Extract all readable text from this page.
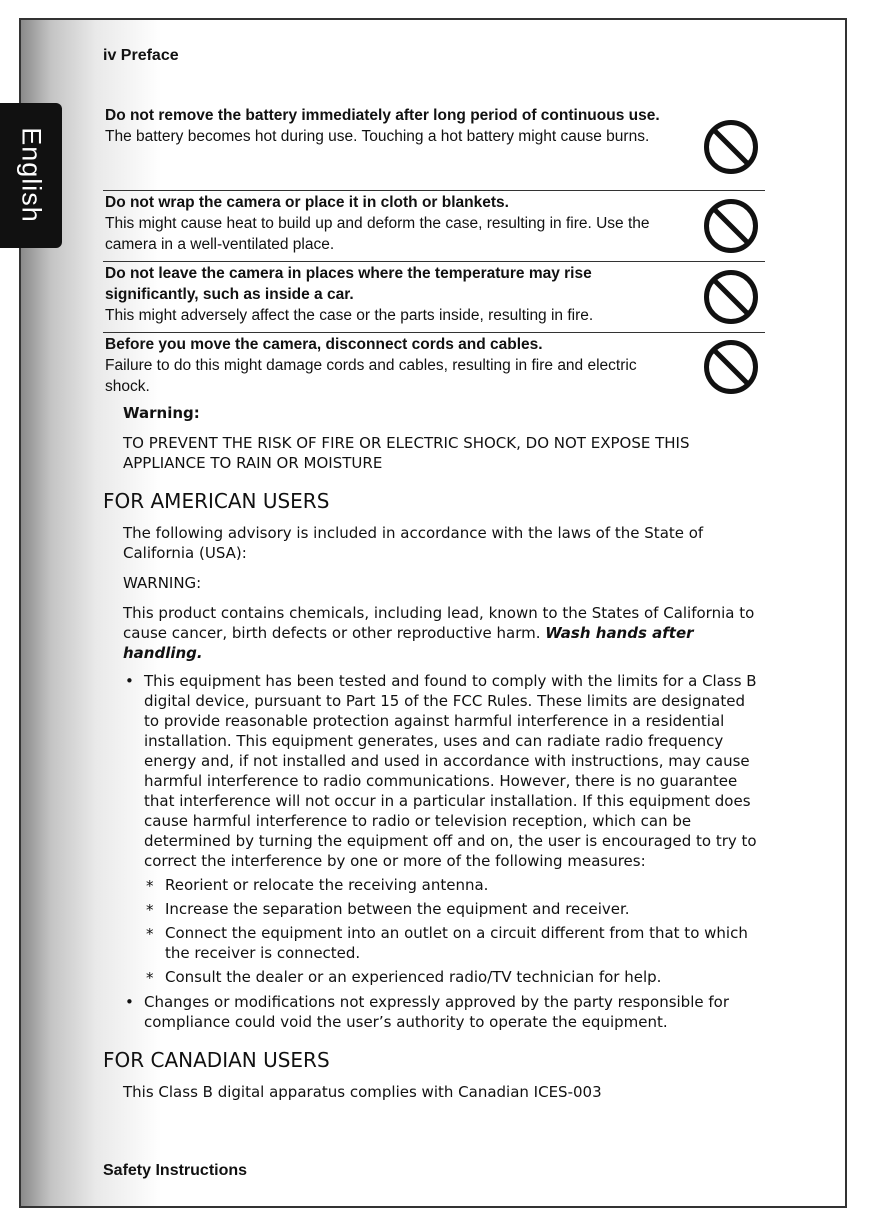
English
iv Preface
Do not remove the battery immediately after long period of continuous use.
The battery becomes hot during use. Touching a hot battery might cause burns.
Do not wrap the camera or place it in cloth or blankets.
This might cause heat to build up and deform the case, resulting in fire. Use the camera in a well-ventilated place.
Do not leave the camera in places where the temperature may rise significantly, such as inside a car.
This might adversely affect the case or the parts inside, resulting in fire.
Before you move the camera, disconnect cords and cables.
Failure to do this might damage cords and cables, resulting in fire and electric shock.
Warning:
TO PREVENT THE RISK OF FIRE OR ELECTRIC SHOCK, DO NOT EXPOSE THIS APPLIANCE TO RAIN OR MOISTURE
FOR AMERICAN USERS
The following advisory is included in accordance with the laws of the State of California (USA):
WARNING:
This product contains chemicals, including lead, known to the States of California to cause cancer, birth defects or other reproductive harm. Wash hands after handling.
• This equipment has been tested and found to comply with the limits for a Class B digital device, pursuant to Part 15 of the FCC Rules. These limits are designated to provide reasonable protection against harmful interference in a residential installation. This equipment generates, uses and can radiate radio frequency energy and, if not installed and used in accordance with instructions, may cause harmful interference to radio communications. However, there is no guarantee that interference will not occur in a particular installation. If this equipment does cause harmful interference to radio or television reception, which can be determined by turning the equipment off and on, the user is encouraged to try to correct the interference by one or more of the following measures:
* Reorient or relocate the receiving antenna.
* Increase the separation between the equipment and receiver.
* Connect the equipment into an outlet on a circuit different from that to which the receiver is connected.
* Consult the dealer or an experienced radio/TV technician for help.
• Changes or modifications not expressly approved by the party responsible for compliance could void the user’s authority to operate the equipment.
FOR CANADIAN USERS
This Class B digital apparatus complies with Canadian ICES-003
Safety Instructions
